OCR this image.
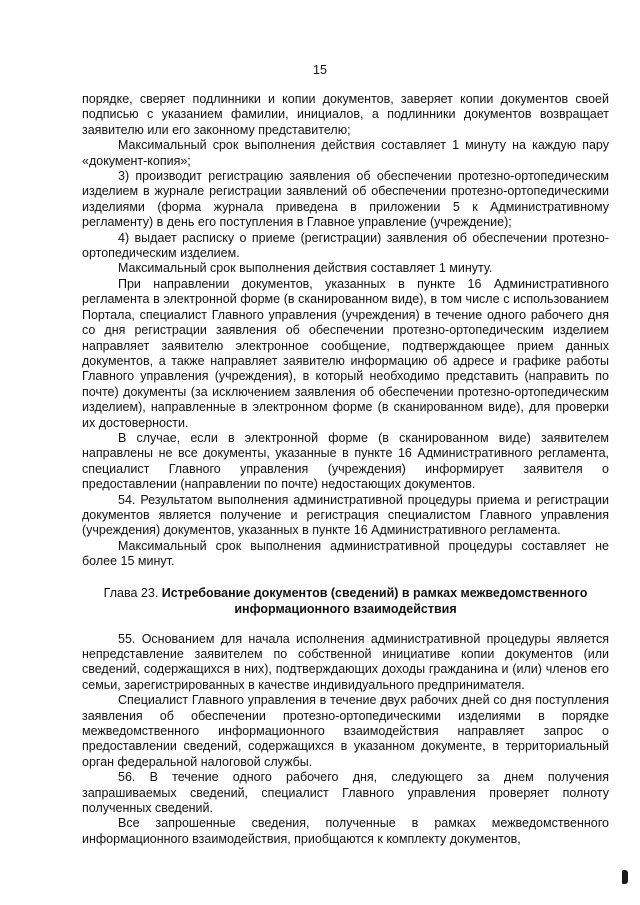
15

порядке, сверяет подлинники и копии документов, заверяет копии документов своей подписью с указанием фамилии, инициалов, а подлинники документов возвращает заявителю или его законному представителю;

Максимальный срок выполнения действия составляет 1 минуту на каждую пару «документ-копия»;

3) производит регистрацию заявления об обеспечении протезно-ортопедическим изделием в журнале регистрации заявлений об обеспечении протезно-ортопедическими изделиями (форма журнала приведена в приложении 5 к Административному регламенту) в день его поступления в Главное управление (учреждение);

4) выдает расписку о приеме (регистрации) заявления об обеспечении протезно-ортопедическим изделием.

Максимальный срок выполнения действия составляет 1 минуту.

При направлении документов, указанных в пункте 16 Административного регламента в электронной форме (в сканированном виде), в том числе с использованием Портала, специалист Главного управления (учреждения) в течение одного рабочего дня со дня регистрации заявления об обеспечении протезно-ортопедическим изделием направляет заявителю электронное сообщение, подтверждающее прием данных документов, а также направляет заявителю информацию об адресе и графике работы Главного управления (учреждения), в который необходимо представить (направить по почте) документы (за исключением заявления об обеспечении протезно-ортопедическим изделием), направленные в электронном форме (в сканированном виде), для проверки их достоверности.

В случае, если в электронной форме (в сканированном виде) заявителем направлены не все документы, указанные в пункте 16 Административного регламента, специалист Главного управления (учреждения) информирует заявителя о предоставлении (направлении по почте) недостающих документов.

54. Результатом выполнения административной процедуры приема и регистрации документов является получение и регистрация специалистом Главного управления (учреждения) документов, указанных в пункте 16 Административного регламента.

Максимальный срок выполнения административной процедуры составляет не более 15 минут.

Глава 23. Истребование документов (сведений) в рамках межведомственного информационного взаимодействия

55. Основанием для начала исполнения административной процедуры является непредставление заявителем по собственной инициативе копии документов (или сведений, содержащихся в них), подтверждающих доходы гражданина и (или) членов его семьи, зарегистрированных в качестве индивидуального предпринимателя.

Специалист Главного управления в течение двух рабочих дней со дня поступления заявления об обеспечении протезно-ортопедическими изделиями в порядке межведомственного информационного взаимодействия направляет запрос о предоставлении сведений, содержащихся в указанном документе, в территориальный орган федеральной налоговой службы.

56. В течение одного рабочего дня, следующего за днем получения запрашиваемых сведений, специалист Главного управления проверяет полноту полученных сведений.

Все запрошенные сведения, полученные в рамках межведомственного информационного взаимодействия, приобщаются к комплекту документов,
